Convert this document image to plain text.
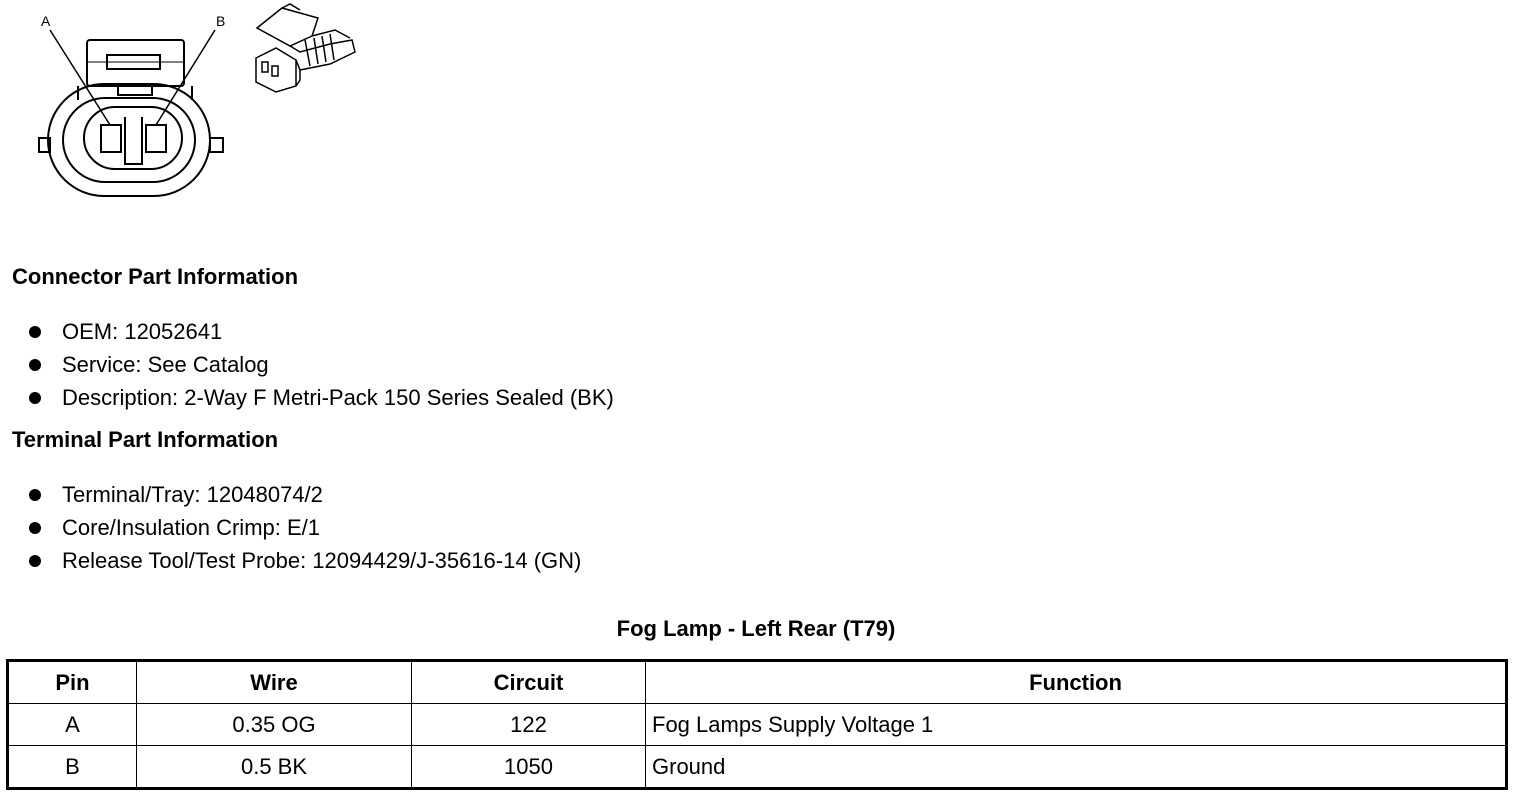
A	B
Connector Part Information
OEM: 12052641
Service: See Catalog
Description: 2-Way F Metri-Pack 150 Series Sealed (BK)
Terminal Part Information
Terminal/Tray: 12048074/2
Core/Insulation Crimp: E/1
Release Tool/Test Probe: 12094429/J-35616-14 (GN)
Fog Lamp - Left Rear (T79)
Pin	Wire	Circuit	Function
A	0.35 OG	122	Fog Lamps Supply Voltage 1
B	0.5 BK	1050	Ground
